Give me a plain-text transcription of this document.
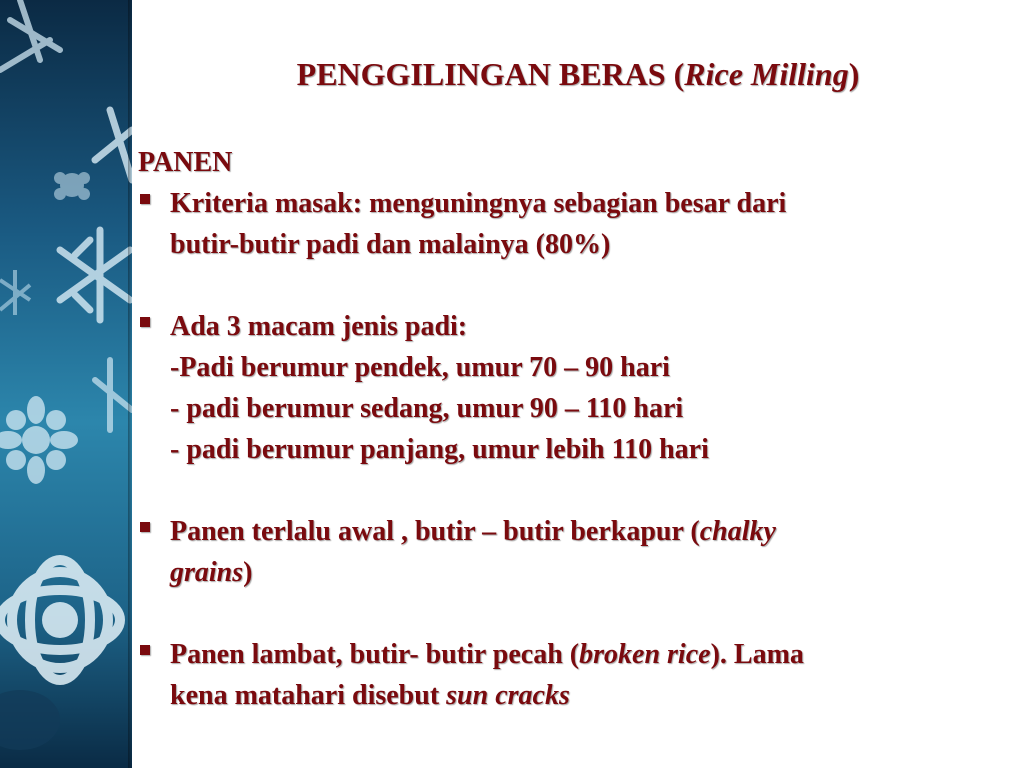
PENGGILINGAN BERAS (Rice Milling)
PANEN
Kriteria masak: menguningnya sebagian besar dari
butir-butir padi dan malainya (80%)
Ada 3 macam jenis padi:
-Padi berumur pendek, umur 70 – 90 hari
- padi berumur sedang, umur 90 – 110 hari
- padi berumur panjang, umur lebih 110 hari
Panen terlalu awal , butir – butir berkapur (chalky
grains)
Panen lambat, butir- butir pecah (broken rice). Lama
kena matahari disebut sun cracks
